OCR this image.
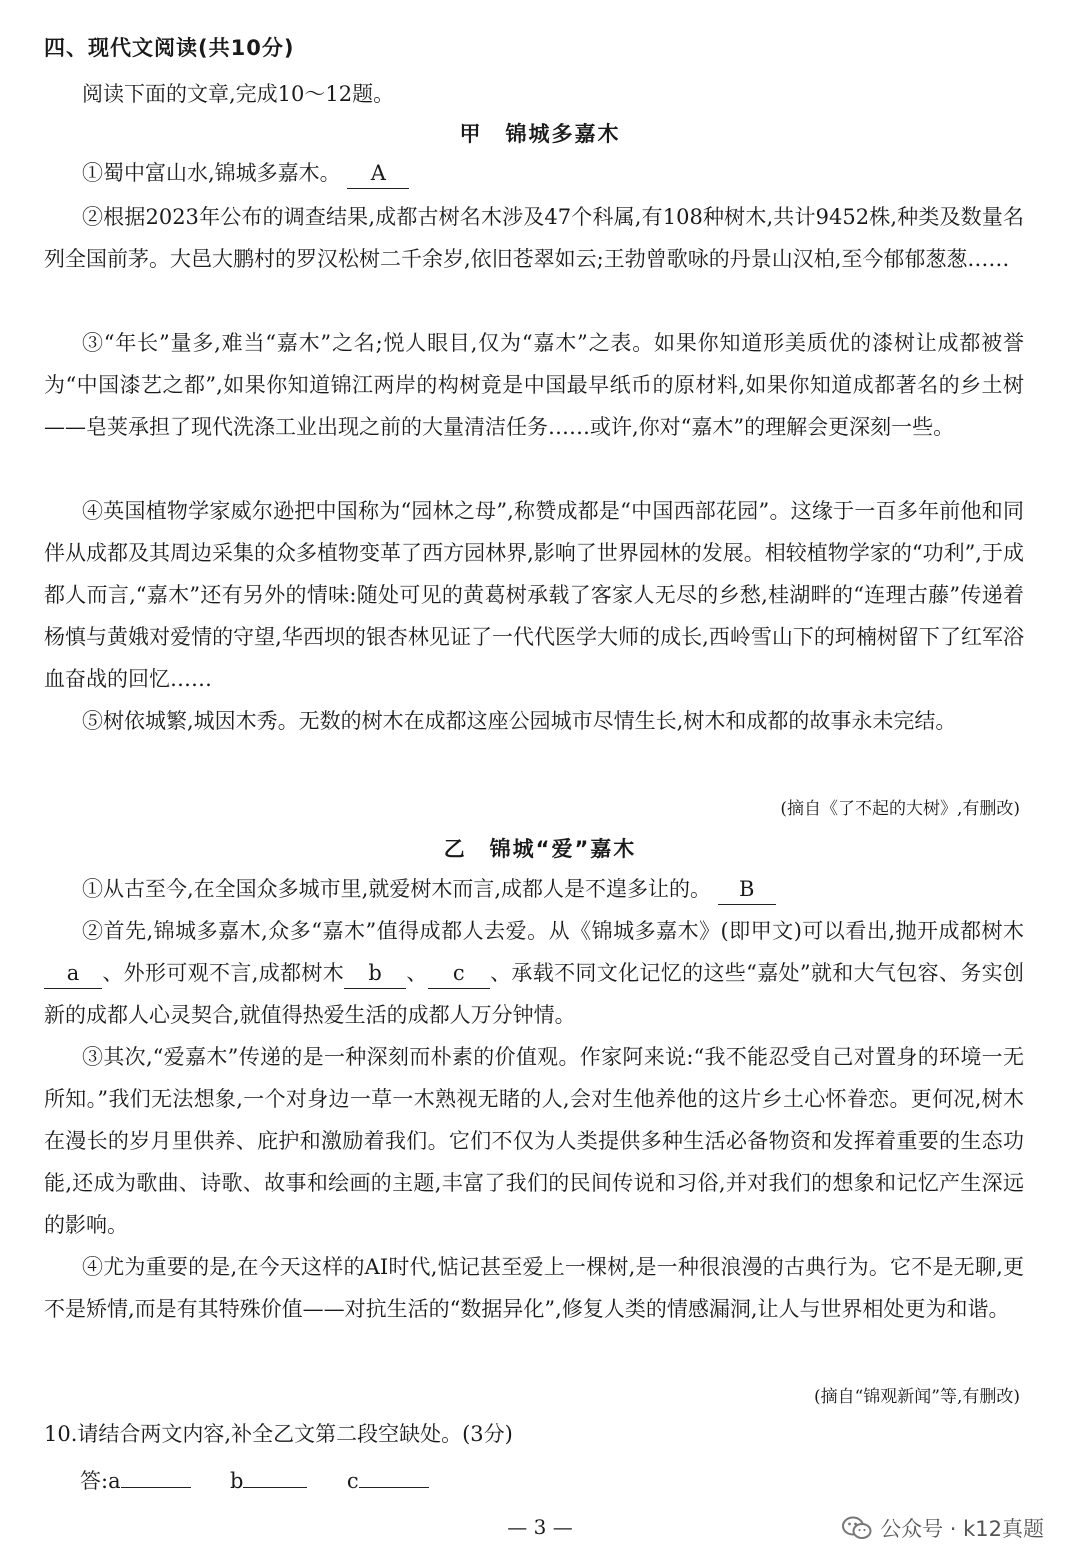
四、现代文阅读(共10分)
阅读下面的文章,完成10～12题。
甲　锦城多嘉木
①蜀中富山水,锦城多嘉木。 A
②根据2023年公布的调查结果,成都古树名木涉及47个科属,有108种树木,共计9452株,种类及数量名列全国前茅。大邑大鹏村的罗汉松树二千余岁,依旧苍翠如云;王勃曾歌咏的丹景山汉柏,至今郁郁葱葱……
③“年长”量多,难当“嘉木”之名;悦人眼目,仅为“嘉木”之表。如果你知道形美质优的漆树让成都被誉为“中国漆艺之都”,如果你知道锦江两岸的构树竟是中国最早纸币的原材料,如果你知道成都著名的乡土树——皂荚承担了现代洗涤工业出现之前的大量清洁任务……或许,你对“嘉木”的理解会更深刻一些。
④英国植物学家威尔逊把中国称为“园林之母”,称赞成都是“中国西部花园”。这缘于一百多年前他和同伴从成都及其周边采集的众多植物变革了西方园林界,影响了世界园林的发展。相较植物学家的“功利”,于成都人而言,“嘉木”还有另外的情味:随处可见的黄葛树承载了客家人无尽的乡愁,桂湖畔的“连理古藤”传递着杨慎与黄娥对爱情的守望,华西坝的银杏林见证了一代代医学大师的成长,西岭雪山下的珂楠树留下了红军浴血奋战的回忆……
⑤树依城繁,城因木秀。无数的树木在成都这座公园城市尽情生长,树木和成都的故事永未完结。
(摘自《了不起的大树》,有删改)
乙　锦城“爱”嘉木
①从古至今,在全国众多城市里,就爱树木而言,成都人是不遑多让的。 B
②首先,锦城多嘉木,众多“嘉木”值得成都人去爱。从《锦城多嘉木》(即甲文)可以看出,抛开成都树木a 、外形可观不言,成都树木 b 、 c 、承载不同文化记忆的这些“嘉处”就和大气包容、务实创新的成都人心灵契合,就值得热爱生活的成都人万分钟情。
③其次,“爱嘉木”传递的是一种深刻而朴素的价值观。作家阿来说:“我不能忍受自己对置身的环境一无所知。”我们无法想象,一个对身边一草一木熟视无睹的人,会对生他养他的这片乡土心怀眷恋。更何况,树木在漫长的岁月里供养、庇护和激励着我们。它们不仅为人类提供多种生活必备物资和发挥着重要的生态功能,还成为歌曲、诗歌、故事和绘画的主题,丰富了我们的民间传说和习俗,并对我们的想象和记忆产生深远的影响。
④尤为重要的是,在今天这样的AI时代,惦记甚至爱上一棵树,是一种很浪漫的古典行为。它不是无聊,更不是矫情,而是有其特殊价值——对抗生活的“数据异化”,修复人类的情感漏洞,让人与世界相处更为和谐。
(摘自“锦观新闻”等,有删改)
10.请结合两文内容,补全乙文第二段空缺处。(3分)
答:a	b	c
— 3 —	公众号 · k12真题
